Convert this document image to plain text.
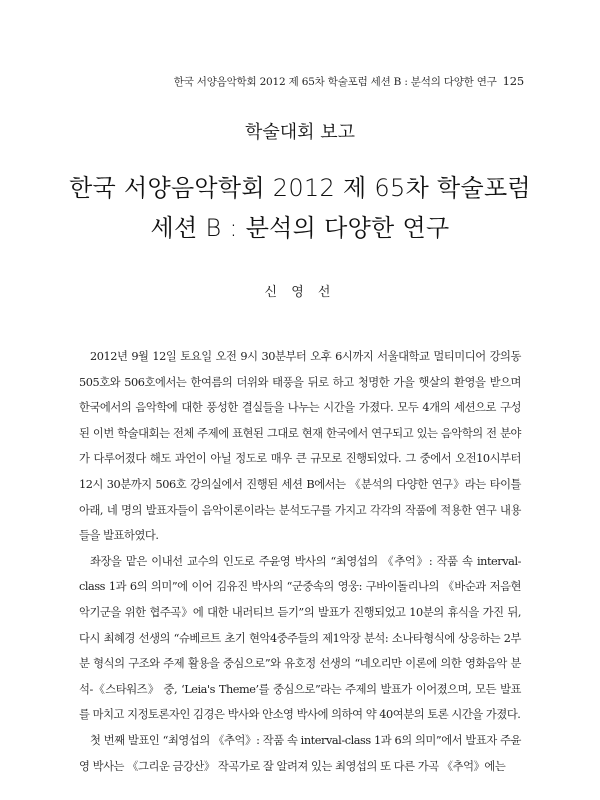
한국 서양음악학회 2012 제 65차 학술포럼 세션 B : 분석의 다양한 연구 125
학술대회 보고
한국 서양음악학회 2012 제 65차 학술포럼
세션 B : 분석의 다양한 연구
신 영 선

2012년 9월 12일 토요일 오전 9시 30분부터 오후 6시까지 서울대학교 멀티미디어 강의동 505호와 506호에서는 한여름의 더위와 태풍을 뒤로 하고 청명한 가을 햇살의 환영을 받으며 한국에서의 음악학에 대한 풍성한 결실들을 나누는 시간을 가졌다. 모두 4개의 세션으로 구성된 이번 학술대회는 전체 주제에 표현된 그대로 현재 한국에서 연구되고 있는 음악학의 전 분야가 다루어졌다 해도 과언이 아닐 정도로 매우 큰 규모로 진행되었다. 그 중에서 오전10시부터 12시 30분까지 506호 강의실에서 진행된 세션 B에서는 《분석의 다양한 연구》라는 타이틀 아래, 네 명의 발표자들이 음악이론이라는 분석도구를 가지고 각각의 작품에 적용한 연구 내용들을 발표하였다.

좌장을 맡은 이내선 교수의 인도로 주윤영 박사의 “최영섭의 《추억》: 작품 속 interval-class 1과 6의 의미”에 이어 김유진 박사의 “군중속의 영웅: 구바이돌리나의 《바순과 저음현악기군을 위한 협주곡》에 대한 내러티브 듣기”의 발표가 진행되었고 10분의 휴식을 가진 뒤, 다시 최혜경 선생의 “슈베르트 초기 현악4중주들의 제1악장 분석: 소나타형식에 상응하는 2부분 형식의 구조와 주제 활용을 중심으로”와 유호정 선생의 “네오리만 이론에 의한 영화음악 분석-《스타워즈》 중, ‘Leia's Theme’를 중심으로”라는 주제의 발표가 이어졌으며, 모든 발표를 마치고 지정토론자인 김경은 박사와 안소영 박사에 의하여 약 40여분의 토론 시간을 가졌다.

첫 번째 발표인 “최영섭의 《추억》: 작품 속 interval-class 1과 6의 의미”에서 발표자 주윤영 박사는 《그리운 금강산》 작곡가로 잘 알려져 있는 최영섭의 또 다른 가곡 《추억》에는
